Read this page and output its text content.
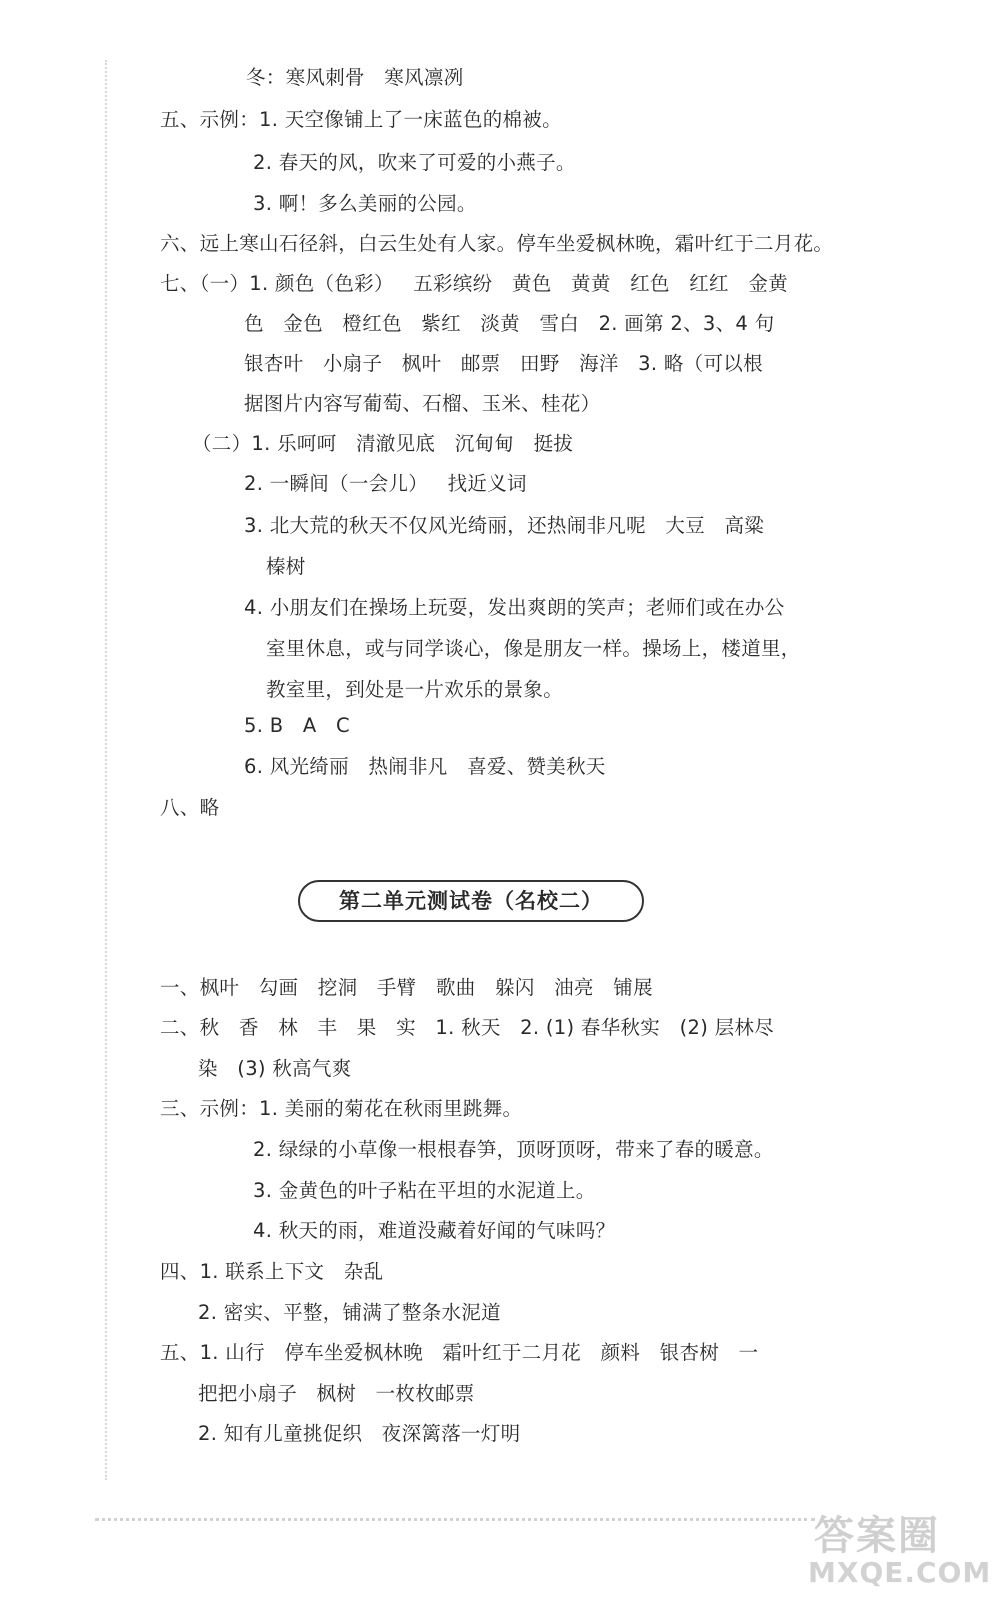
冬：寒风刺骨   寒风凛冽
五、示例：1. 天空像铺上了一床蓝色的棉被。
2. 春天的风，吹来了可爱的小燕子。
3. 啊！多么美丽的公园。
六、远上寒山石径斜，白云生处有人家。停车坐爱枫林晚，霜叶红于二月花。
七、（一）1. 颜色（色彩）   五彩缤纷   黄色   黄黄   红色   红红   金黄
色   金色   橙红色   紫红   淡黄   雪白   2. 画第 2、3、4 句
银杏叶   小扇子   枫叶   邮票   田野   海洋   3. 略（可以根
据图片内容写葡萄、石榴、玉米、桂花）
（二）1. 乐呵呵   清澈见底   沉甸甸   挺拔
2. 一瞬间（一会儿）   找近义词
3. 北大荒的秋天不仅风光绮丽，还热闹非凡呢   大豆   高粱
榛树
4. 小朋友们在操场上玩耍，发出爽朗的笑声；老师们或在办公
室里休息，或与同学谈心，像是朋友一样。操场上，楼道里，
教室里，到处是一片欢乐的景象。
5. B   A   C
6. 风光绮丽   热闹非凡   喜爱、赞美秋天
八、略
第二单元测试卷（名校二）
一、枫叶   勾画   挖洞   手臂   歌曲   躲闪   油亮   铺展
二、秋   香   林   丰   果   实   1. 秋天   2. (1) 春华秋实   (2) 层林尽
染   (3) 秋高气爽
三、示例：1. 美丽的菊花在秋雨里跳舞。
2. 绿绿的小草像一根根春笋，顶呀顶呀，带来了春的暖意。
3. 金黄色的叶子粘在平坦的水泥道上。
4. 秋天的雨，难道没藏着好闻的气味吗？
四、1. 联系上下文   杂乱
2. 密实、平整，铺满了整条水泥道
五、1. 山行   停车坐爱枫林晚   霜叶红于二月花   颜料   银杏树   一
把把小扇子   枫树   一枚枚邮票
2. 知有儿童挑促织   夜深篱落一灯明
答案圈
MXQE.COM
